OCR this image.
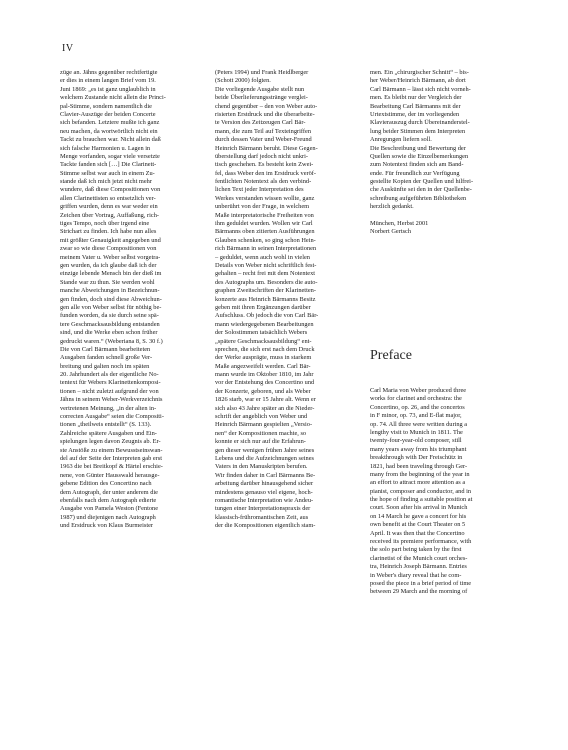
IV
züge an. Jähns gegenüber rechtfertigte
er dies in einem langen Brief vom 19.
Juni 1869: „es ist ganz unglaublich in
welchem Zustande nicht allein die Princi-
pal-Stimme, sondern namentlich die
Clavier-Auszüge der beiden Concerte
sich befanden. Letztere mußte ich ganz
neu machen, da wortwörtlich nicht ein
Tackt zu brauchen war. Nicht allein daß
sich falsche Harmonien u. Lagen in
Menge vorfanden, sogar viele versetzte
Tackte fanden sich […] Die Clarinett-
Stimme selbst war auch in einem Zu-
stande daß ich mich jetzt nicht mehr
wundere, daß diese Compositionen von
allen Clarinettisten so entsetzlich ver-
griffen wurden, denn es war weder ein
Zeichen über Vortrag, Auffaßung, rich-
tiges Tempo, noch über irgend eine
Strichart zu finden. Ich habe nun alles
mit größter Genauigkeit angegeben und
zwar so wie diese Compositionen von
meinem Vater u. Weber selbst vorgetra-
gen wurden, da ich glaube daß ich der
einzige lebende Mensch bin der dieß im
Stande war zu thun. Sie werden wohl
manche Abweichungen in Bezeichnun-
gen finden, doch sind diese Abweichun-
gen alle von Weber selbst für nöthig be-
funden worden, da sie durch seine spä-
tere Geschmacksausbildung entstanden
sind, und die Werke eben schon früher
gedruckt waren.“ (Weberiana 8, S. 30 f.)
Die von Carl Bärmann bearbeiteten
Ausgaben fanden schnell große Ver-
breitung und galten noch im späten
20. Jahrhundert als der eigentliche No-
tentext für Webers Klarinettenkomposi-
tionen – nicht zuletzt aufgrund der von
Jähns in seinem Weber-Werkverzeichnis
vertretenen Meinung, „in der alten in-
correcten Ausgabe“ seien die Compositi-
tionen „theilweis entstellt“ (S. 133).
Zahlreiche spätere Ausgaben und Ein-
spielungen legen davon Zeugnis ab. Er-
ste Anstöße zu einem Bewusstseinswan-
del auf der Seite der Interpreten gab erst
1963 die bei Breitkopf & Härtel erschie-
nene, von Günter Hausswald herausge-
gebene Edition des Concertino nach
dem Autograph, der unter anderem die
ebenfalls nach dem Autograph edierte
Ausgabe von Pamela Weston (Fentone
1987) und diejenigen nach Autograph
und Erstdruck von Klaus Burmeister
(Peters 1994) und Frank Heidlberger
(Schott 2000) folgten.
Die vorliegende Ausgabe stellt nun
beide Überlieferungsstränge verglei-
chend gegenüber – den von Weber auto-
risierten Erstdruck und die überarbeite-
te Version des Zeitzeugen Carl Bär-
mann, die zum Teil auf Texteingriffen
durch dessen Vater und Weber-Freund
Heinrich Bärmann beruht. Diese Gegen-
überstellung darf jedoch nicht unkri-
tisch geschehen. Es besteht kein Zwei-
fel, dass Weber den im Erstdruck veröf-
fentlichten Notentext als den verbind-
lichen Text jeder Interpretation des
Werkes verstanden wissen wollte, ganz
unberührt von der Frage, in welchem
Maße interpretatorische Freiheiten von
ihm geduldet wurden. Wollen wir Carl
Bärmanns oben zitierten Ausführungen
Glauben schenken, so ging schon Hein-
rich Bärmann in seinen Interpretationen
– geduldet, wenn auch wohl in vielen
Details von Weber nicht schriftlich fest-
gehalten – recht frei mit dem Notentext
des Autographs um. Besonders die auto-
graphen Zweitschriften der Klarinetten-
konzerte aus Heinrich Bärmanns Besitz
geben mit ihren Ergänzungen darüber
Aufschluss. Ob jedoch die von Carl Bär-
mann wiedergegebenen Bearbeitungen
der Solostimmen tatsächlich Webers
„spätere Geschmacksausbildung“ ent-
sprechen, die sich erst nach dem Druck
der Werke ausprägte, muss in starkem
Maße angezweifelt werden. Carl Bär-
mann wurde im Oktober 1810, im Jahr
vor der Entstehung des Concertino und
der Konzerte, geboren, und als Weber
1826 starb, war er 15 Jahre alt. Wenn er
sich also 43 Jahre später an die Nieder-
schrift der angeblich von Weber und
Heinrich Bärmann gespielten „Versio-
nen“ der Kompositionen machte, so
konnte er sich nur auf die Erfahrun-
gen dieser wenigen frühen Jahre seines
Lebens und die Aufzeichnungen seines
Vaters in den Manuskripten berufen.
Wir finden daher in Carl Bärmanns Be-
arbeitung darüber hinausgehend sicher
mindestens genauso viel eigene, hoch-
romantische Interpretation wie Andeu-
tungen einer Interpretationspraxis der
klassisch-frühromantischen Zeit, aus
der die Kompositionen eigentlich stam-
men. Ein „chirurgischer Schnitt“ – bis-
her Weber/Heinrich Bärmann, ab dort
Carl Bärmann – lässt sich nicht vorneh-
men. Es bleibt nur der Vergleich der
Bearbeitung Carl Bärmanns mit der
Urtextstimme, der im vorliegenden
Klavierauszug durch Übereinanderstel-
lung beider Stimmen dem Interpreten
Anregungen liefern soll.
Die Beschreibung und Bewertung der
Quellen sowie die Einzelbemerkungen
zum Notentext finden sich am Band-
ende. Für freundlich zur Verfügung
gestellte Kopien der Quellen und hilfrei-
che Auskünfte sei den in der Quellenbe-
schreibung aufgeführten Bibliotheken
herzlich gedankt.
München, Herbst 2001
Norbert Gertsch
Preface
Carl Maria von Weber produced three
works for clarinet and orchestra: the
Concertino, op. 26, and the concertos
in F minor, op. 73, and E-flat major,
op. 74. All three were written during a
lengthy visit to Munich in 1811. The
twenty-four-year-old composer, still
many years away from his triumphant
breakthrough with Der Freischütz in
1821, had been traveling through Ger-
many from the beginning of the year in
an effort to attract more attention as a
pianist, composer and conductor, and in
the hope of finding a suitable position at
court. Soon after his arrival in Munich
on 14 March he gave a concert for his
own benefit at the Court Theater on 5
April. It was then that the Concertino
received its premiere performance, with
the solo part being taken by the first
clarinetist of the Munich court orches-
tra, Heinrich Joseph Bärmann. Entries
in Weber's diary reveal that he com-
posed the piece in a brief period of time
between 29 March and the morning of
